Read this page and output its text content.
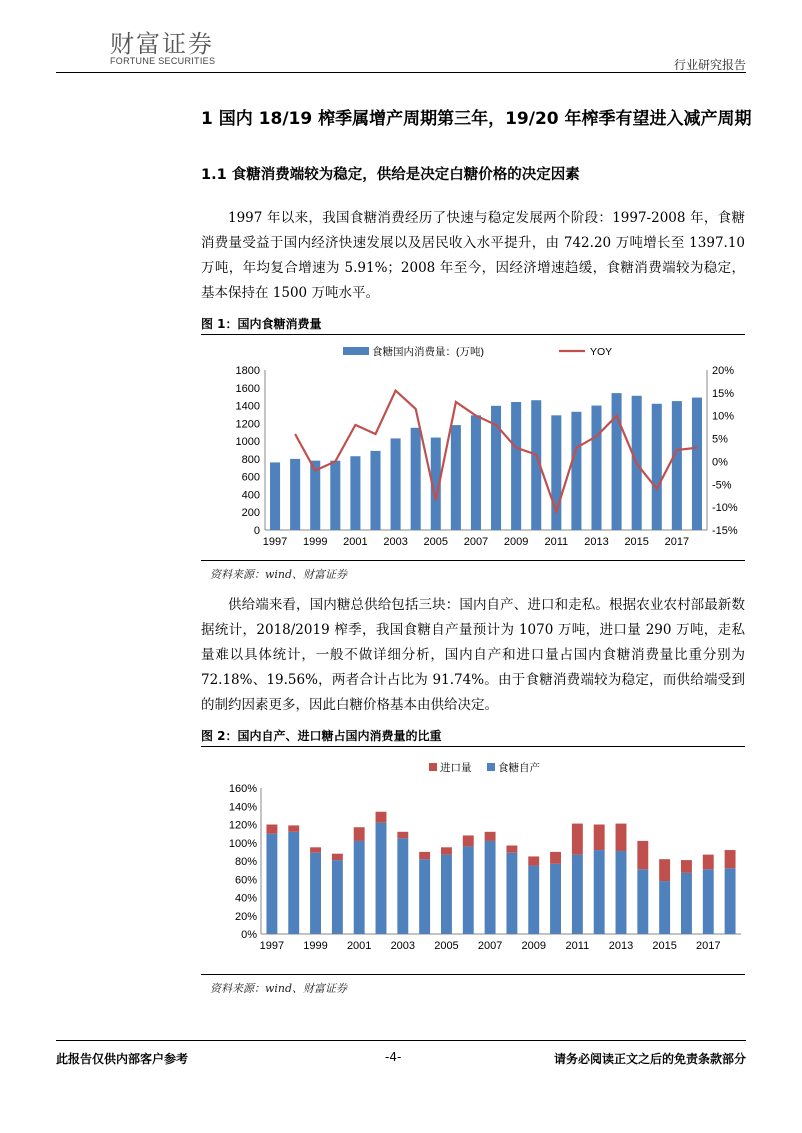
财富证券
FORTUNE SECURITIES	行业研究报告
1 国内 18/19 榨季属增产周期第三年，19/20 年榨季有望进入减产周期
1.1 食糖消费端较为稳定，供给是决定白糖价格的决定因素

1997 年以来，我国食糖消费经历了快速与稳定发展两个阶段：1997-2008 年，食糖消费量受益于国内经济快速发展以及居民收入水平提升，由 742.20 万吨增长至 1397.10 万吨，年均复合增速为 5.91%；2008 年至今，因经济增速趋缓，食糖消费端较为稳定，基本保持在 1500 万吨水平。

图 1：国内食糖消费量
0
200
400
600
800
1000
1200
1400
1600
1800	20%
15%
10%
5%
0%
-5%
-10%
-15%
1997 1999 2001 2003 2005 2007 2009 2011 2013 2015 2017
食糖国内消费量：(万吨)	YOY
资料来源：wind、财富证券

供给端来看，国内糖总供给包括三块：国内自产、进口和走私。根据农业农村部最新数据统计，2018/2019 榨季，我国食糖自产量预计为 1070 万吨，进口量 290 万吨，走私量难以具体统计，一般不做详细分析，国内自产和进口量占国内食糖消费量比重分别为 72.18%、19.56%，两者合计占比为 91.74%。由于食糖消费端较为稳定，而供给端受到的制约因素更多，因此白糖价格基本由供给决定。

图 2：国内自产、进口糖占国内消费量的比重
0%
20%
40%
60%
80%
100%
120%
140%
160%
1997 1999 2001 2003 2005 2007 2009 2011 2013 2015 2017
进口量	食糖自产
资料来源：wind、财富证券
此报告仅供内部客户参考	-4-	请务必阅读正文之后的免责条款部分
